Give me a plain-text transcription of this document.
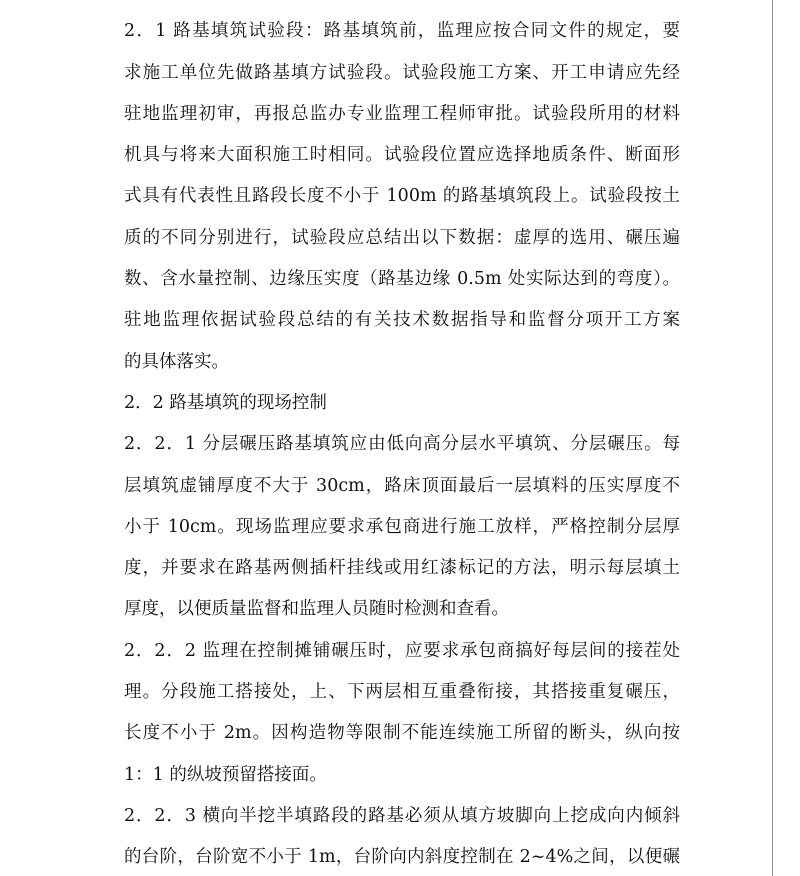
2．1 路基填筑试验段：路基填筑前，监理应按合同文件的规定，要
求施工单位先做路基填方试验段。试验段施工方案、开工申请应先经
驻地监理初审，再报总监办专业监理工程师审批。试验段所用的材料
机具与将来大面积施工时相同。试验段位置应选择地质条件、断面形
式具有代表性且路段长度不小于 100m 的路基填筑段上。试验段按土
质的不同分别进行，试验段应总结出以下数据：虚厚的选用、碾压遍
数、含水量控制、边缘压实度（路基边缘 0.5m 处实际达到的弯度）。
驻地监理依据试验段总结的有关技术数据指导和监督分项开工方案
的具体落实。
2．2 路基填筑的现场控制
2．2．1 分层碾压路基填筑应由低向高分层水平填筑、分层碾压。每
层填筑虚铺厚度不大于 30cm，路床顶面最后一层填料的压实厚度不
小于 10cm。现场监理应要求承包商进行施工放样，严格控制分层厚
度，并要求在路基两侧插杆挂线或用红漆标记的方法，明示每层填土
厚度，以便质量监督和监理人员随时检测和查看。
2．2．2 监理在控制摊铺碾压时，应要求承包商搞好每层间的接茬处
理。分段施工搭接处，上、下两层相互重叠衔接，其搭接重复碾压，
长度不小于 2m。因构造物等限制不能连续施工所留的断头，纵向按
1：1 的纵坡预留搭接面。
2．2．3 横向半挖半填路段的路基必须从填方坡脚向上挖成向内倾斜
的台阶，台阶宽不小于 1m，台阶向内斜度控制在 2~4%之间，以便碾
